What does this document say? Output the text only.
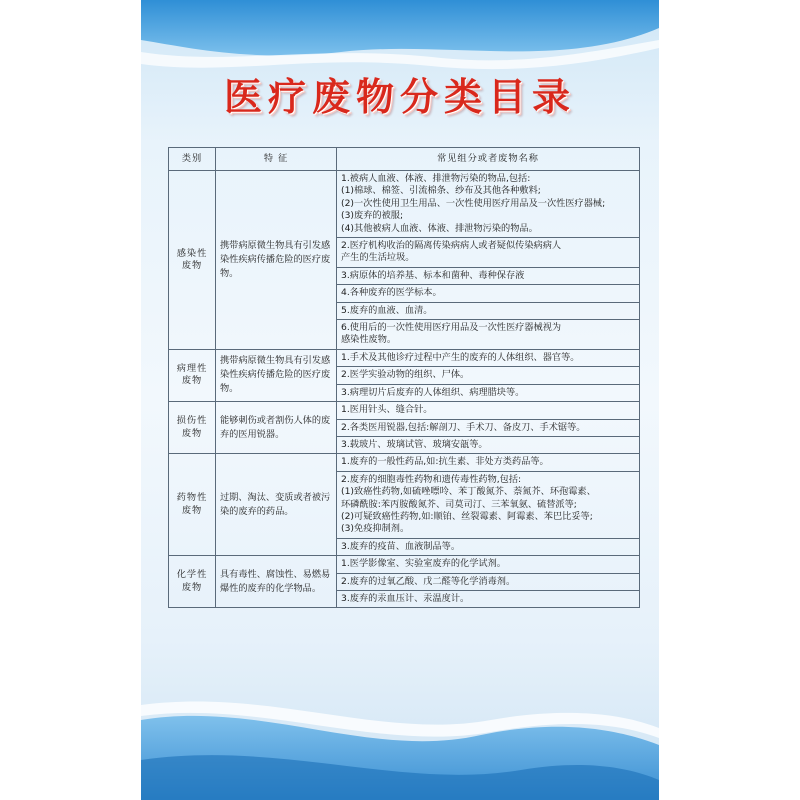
医疗废物分类目录
类别	特 征	常见组分或者废物名称
感染性废物	携带病原微生物具有引发感染性疾病传播危险的医疗废物。	1.被病人血液、体液、排泄物污染的物品,包括:
(1)棉球、棉签、引流棉条、纱布及其他各种敷料;
(2)一次性使用卫生用品、一次性使用医疗用品及一次性医疗器械;
(3)废弃的被服;
(4)其他被病人血液、体液、排泄物污染的物品。

		2.医疗机构收治的隔离传染病病人或者疑似传染病病人
产生的生活垃圾。

		3.病原体的培养基、标本和菌种、毒种保存液

		4.各种废弃的医学标本。

		5.废弃的血液、血清。

		6.使用后的一次性使用医疗用品及一次性医疗器械视为
感染性废物。

病理性废物	携带病原微生物具有引发感染性疾病传播危险的医疗废物。	1.手术及其他诊疗过程中产生的废弃的人体组织、器官等。

		2.医学实验动物的组织、尸体。

		3.病理切片后废弃的人体组织、病理腊块等。

损伤性废物	能够刺伤或者割伤人体的废弃的医用锐器。	1.医用针头、缝合针。

		2.各类医用锐器,包括:解剖刀、手术刀、备皮刀、手术锯等。

		3.载玻片、玻璃试管、玻璃安瓿等。

药物性废物	过期、淘汰、变质或者被污染的废弃的药品。	1.废弃的一般性药品,如:抗生素、非处方类药品等。

		2.废弃的细胞毒性药物和遗传毒性药物,包括:
(1)致癌性药物,如硫唑嘌呤、苯丁酸氮芥、萘氮芥、环孢霉素、
环磷酰胺:苯丙胺酸氮芥、司莫司汀、三苯氧氨、硫替派等;
(2)可疑致癌性药物,如:顺铂、丝裂霉素、阿霉素、苯巴比妥等;
(3)免疫抑制剂。

		3.废弃的疫苗、血液制品等。

化学性废物	具有毒性、腐蚀性、易燃易爆性的废弃的化学物品。	1.医学影像室、实验室废弃的化学试剂。

		2.废弃的过氧乙酸、戊二醛等化学消毒剂。

		3.废弃的汞血压计、汞温度计。
